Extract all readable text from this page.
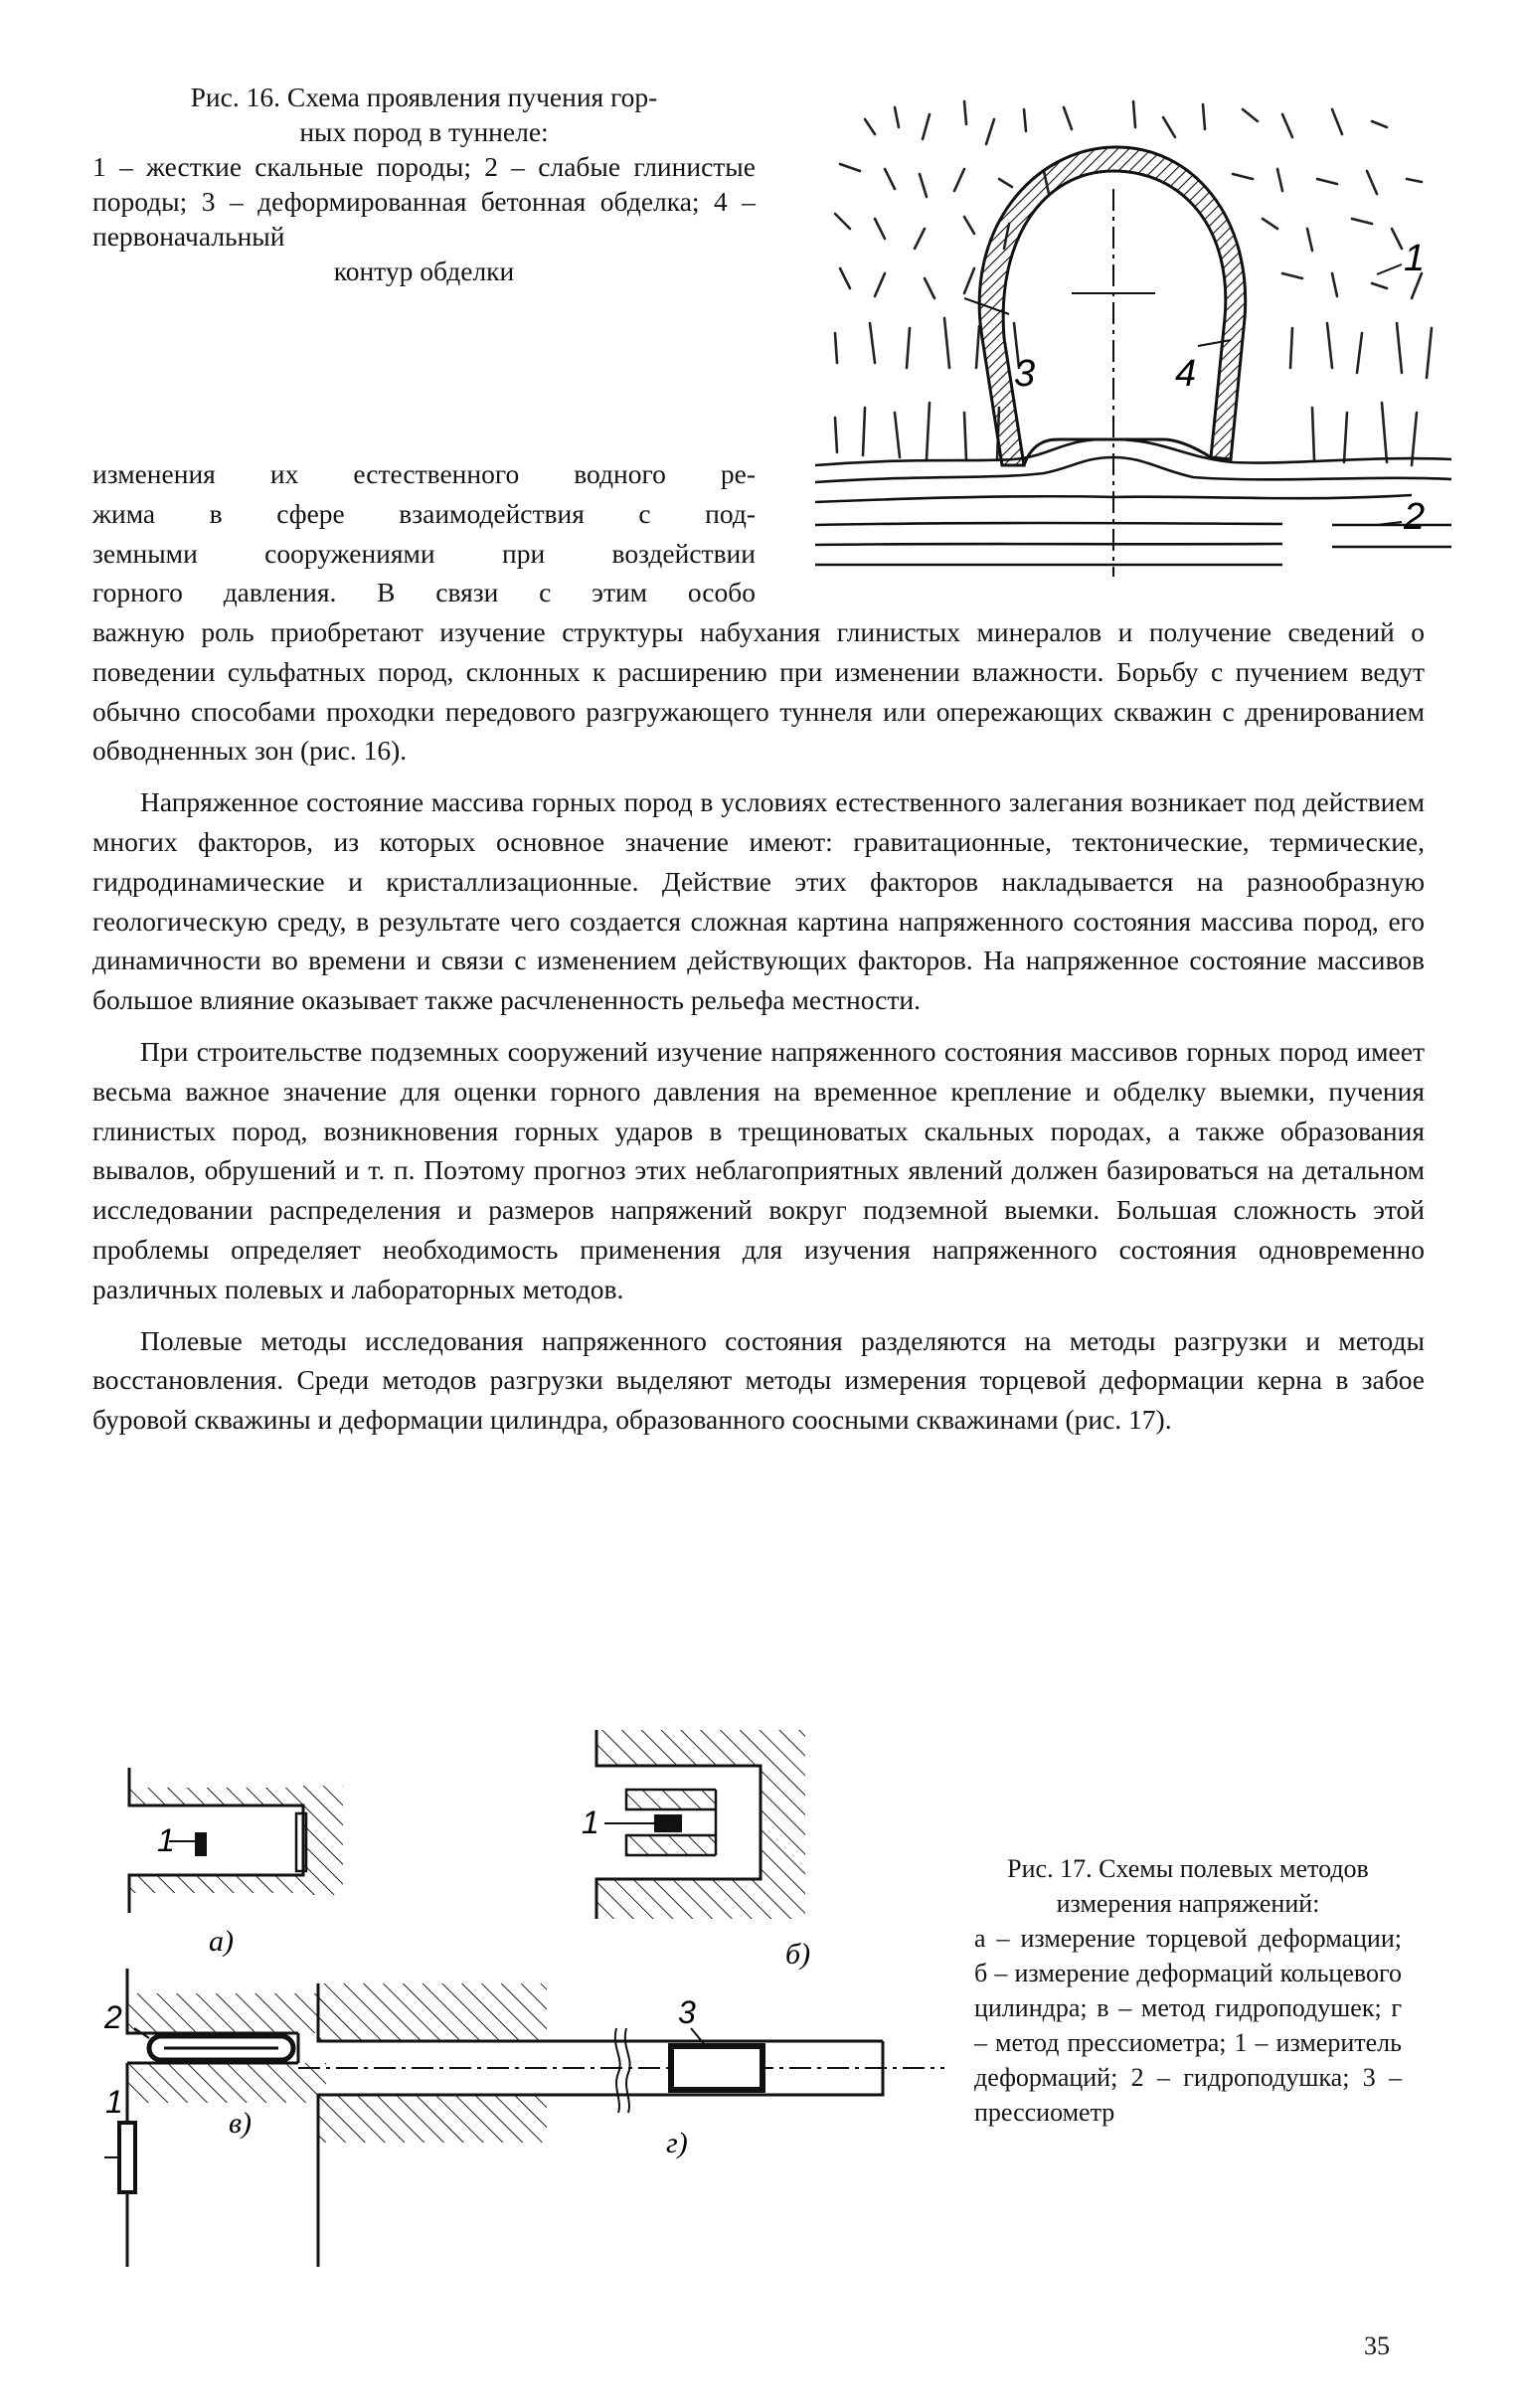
Рис. 16. Схема проявления пучения гор-
ных пород в туннеле:
1 – жесткие скальные породы; 2 – слабые глинистые породы; 3 – деформированная бетонная обделка; 4 – первоначальный
контур обделки	1
2
3	4
изменения их естественного водного ре-
жима в сфере взаимодействия с под-
земными сооружениями при воздействии
горного давления. В связи с этим особо
важную роль приобретают изучение структуры набухания глинистых минералов и получение сведений о поведении сульфатных пород, склонных к расширению при изменении влажности. Борьбу с пучением ведут обычно способами проходки передового разгружающего туннеля или опережающих скважин с дренированием обводненных зон (рис. 16).
Напряженное состояние массива горных пород в условиях естественного залегания возникает под действием многих факторов, из которых основное значение имеют: гравитационные, тектонические, термические, гидродинамические и кристаллизационные. Действие этих факторов накладывается на разнообразную геологическую среду, в результате чего создается сложная картина напряженного состояния массива пород, его динамичности во времени и связи с изменением действующих факторов. На напряженное состояние массивов большое влияние оказывает также расчлененность рельефа местности.
При строительстве подземных сооружений изучение напряженного состояния массивов горных пород имеет весьма важное значение для оценки горного давления на временное крепление и обделку выемки, пучения глинистых пород, возникновения горных ударов в трещиноватых скальных породах, а также образования вывалов, обрушений и т. п. Поэтому прогноз этих неблагоприятных явлений должен базироваться на детальном исследовании распределения и размеров напряжений вокруг подземной выемки. Большая сложность этой проблемы определяет необходимость применения для изучения напряженного состояния одновременно различных полевых и лабораторных методов.
Полевые методы исследования напряженного состояния разделяются на методы разгрузки и методы восстановления. Среди методов разгрузки выделяют методы измерения торцевой деформации керна в забое буровой скважины и деформации цилиндра, образованного соосными скважинами (рис. 17).
1
а)
1
б)
2
1
в)
3
г)
Рис. 17. Схемы полевых методов измерения напряжений:
а – измерение торцевой деформации; б – измерение деформаций кольцевого цилиндра; в – метод гидроподушек; г – метод прессиометра; 1 – измеритель деформаций; 2 – гидроподушка; 3 – прессиометр
35
